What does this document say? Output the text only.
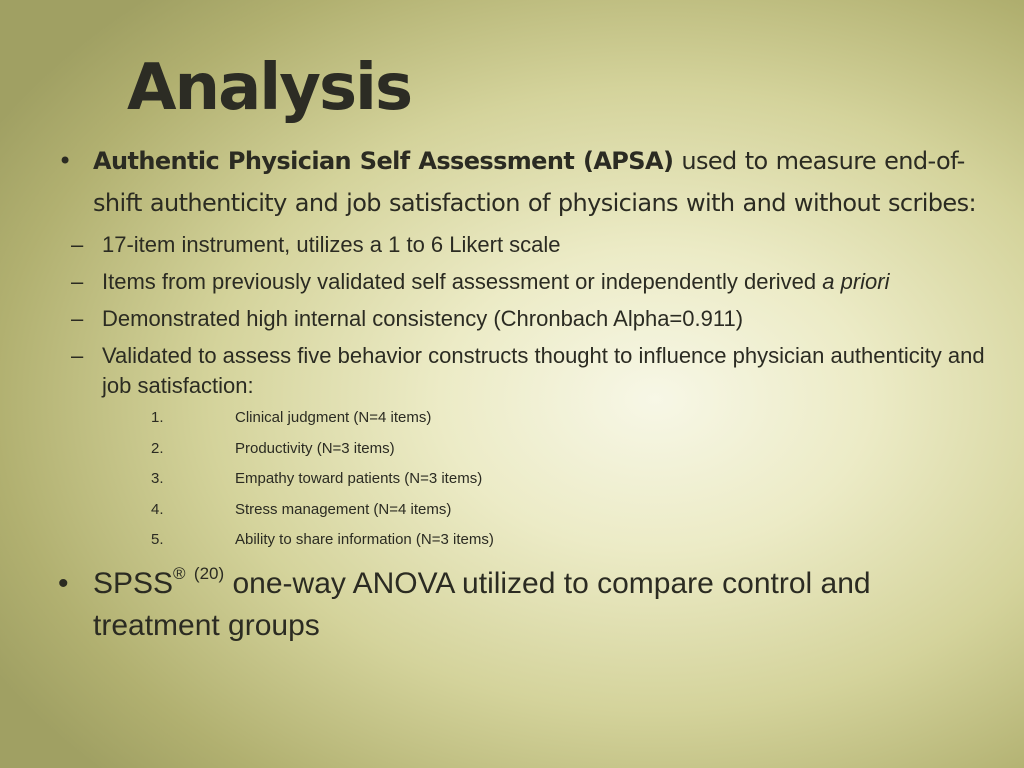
Analysis
• Authentic Physician Self Assessment (APSA) used to measure end-of-shift authenticity and job satisfaction of physicians with and without scribes:
– 17-item instrument, utilizes a 1 to 6 Likert scale
– Items from previously validated self assessment or independently derived a priori
– Demonstrated high internal consistency (Chronbach Alpha=0.911)
– Validated to assess five behavior constructs thought to influence physician authenticity and job satisfaction:
1.	Clinical judgment (N=4 items)
2.	Productivity (N=3 items)
3.	Empathy toward patients (N=3 items)
4.	Stress management (N=4 items)
5.	Ability to share information (N=3 items)
• SPSS® $^{(20)}$ one-way ANOVA utilized to compare control and treatment groups
